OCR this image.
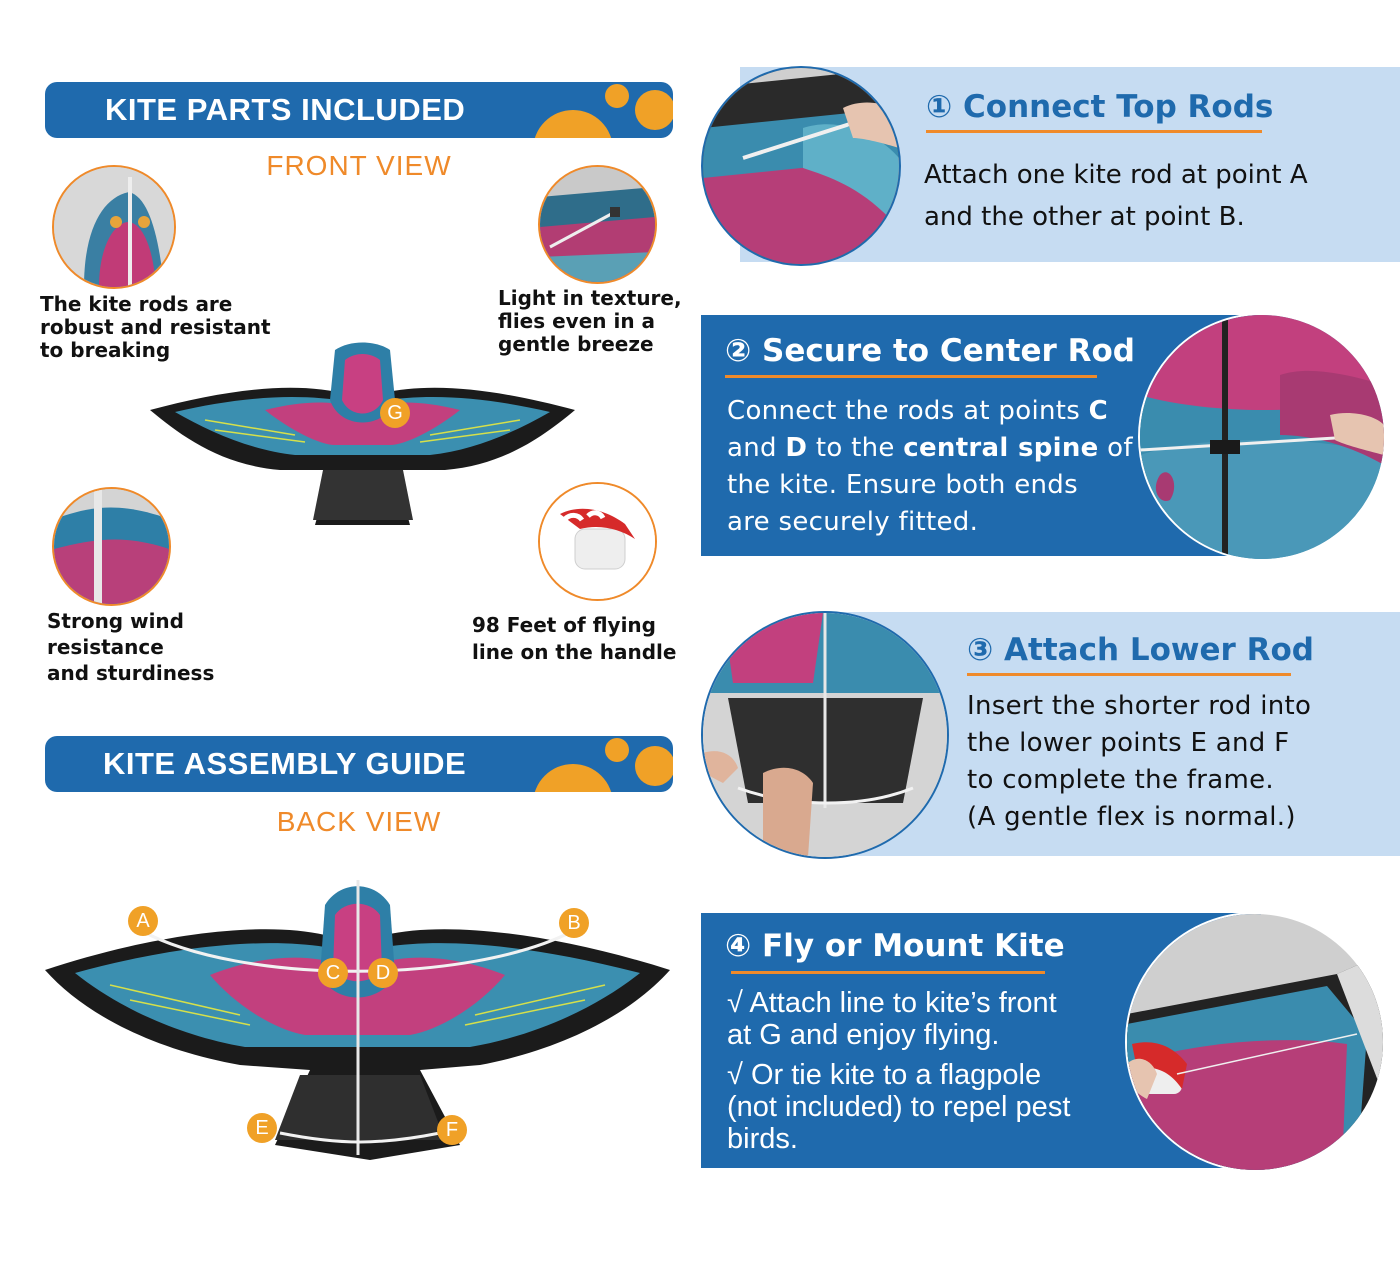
KITE PARTS INCLUDED
FRONT VIEW
The kite rods are
robust and resistant
to breaking
Light in texture,
flies even in a
gentle breeze
G
Strong wind
resistance
and sturdiness
98 Feet of flying
line on the handle
KITE ASSEMBLY GUIDE
BACK VIEW
A	B
C	D
E	F
① Connect Top Rods
Attach one kite rod at point A
and the other at point B.
② Secure to Center Rod
Connect the rods at points C
and D to the central spine of
the kite. Ensure both ends
are securely fitted.
③ Attach Lower Rod
Insert the shorter rod into
the lower points E and F
to complete the frame.
(A gentle flex is normal.)
④ Fly or Mount Kite
√ Attach line to kite’s front
at G and enjoy flying.
√ Or tie kite to a flagpole
(not included) to repel pest
birds.
